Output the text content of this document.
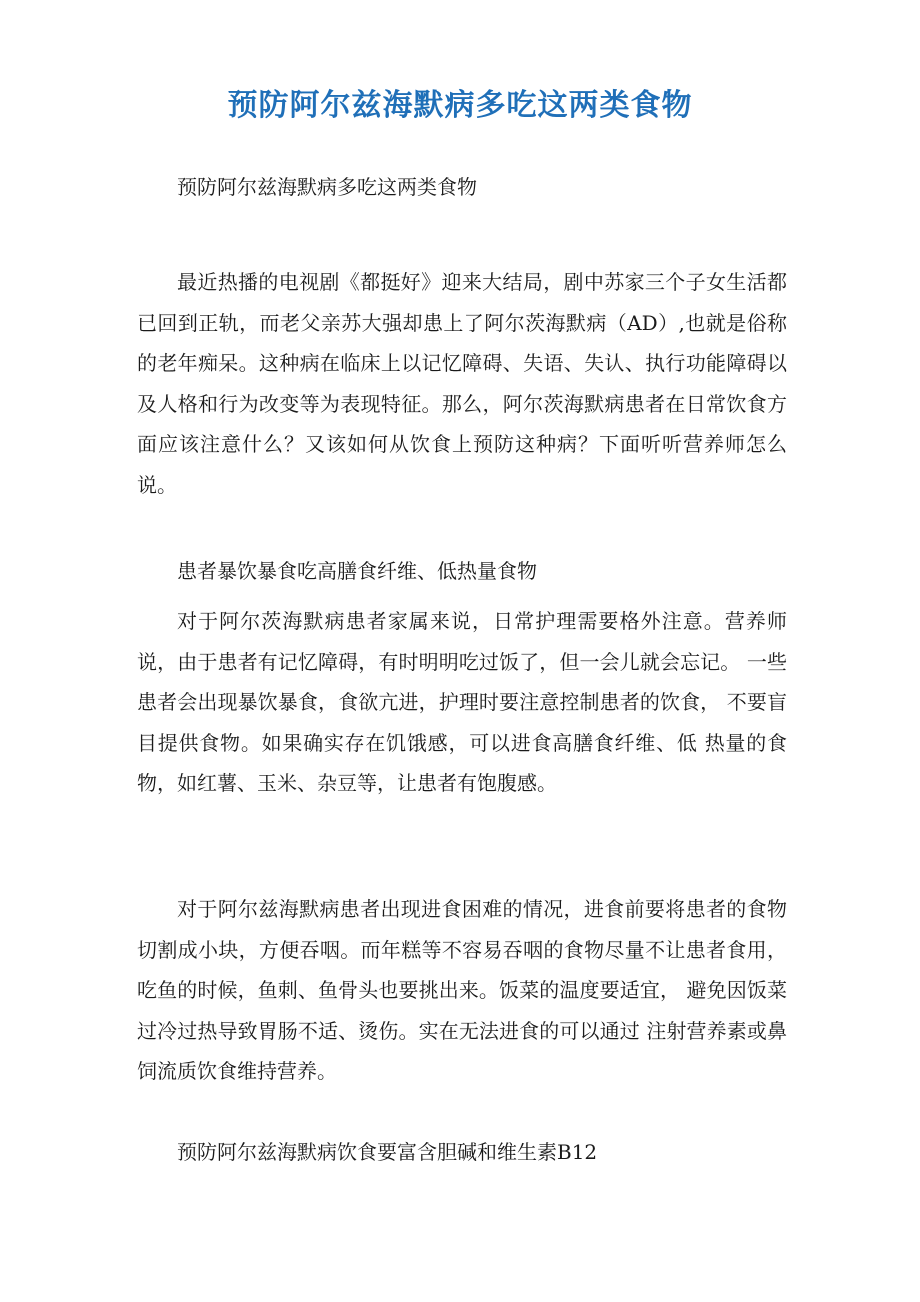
预防阿尔兹海默病多吃这两类食物

预防阿尔兹海默病多吃这两类食物

最近热播的电视剧《都挺好》迎来大结局，剧中苏家三个子女生活都已回到正轨，而老父亲苏大强却患上了阿尔茨海默病（AD）,也就是俗称的老年痴呆。这种病在临床上以记忆障碍、失语、失认、执行功能障碍以及人格和行为改变等为表现特征。那么，阿尔茨海默病患者在日常饮食方面应该注意什么？又该如何从饮食上预防这种病？下面听听营养师怎么说。

患者暴饮暴食吃高膳食纤维、低热量食物

对于阿尔茨海默病患者家属来说，日常护理需要格外注意。营养师说，由于患者有记忆障碍，有时明明吃过饭了，但一会儿就会忘记。 一些患者会出现暴饮暴食，食欲亢进，护理时要注意控制患者的饮食， 不要盲目提供食物。如果确实存在饥饿感，可以进食高膳食纤维、低 热量的食物，如红薯、玉米、杂豆等，让患者有饱腹感。

对于阿尔兹海默病患者出现进食困难的情况，进食前要将患者的食物切割成小块，方便吞咽。而年糕等不容易吞咽的食物尽量不让患者食用，吃鱼的时候，鱼刺、鱼骨头也要挑出来。饭菜的温度要适宜， 避免因饭菜过冷过热导致胃肠不适、烫伤。实在无法进食的可以通过 注射营养素或鼻饲流质饮食维持营养。

预防阿尔兹海默病饮食要富含胆碱和维生素B12
